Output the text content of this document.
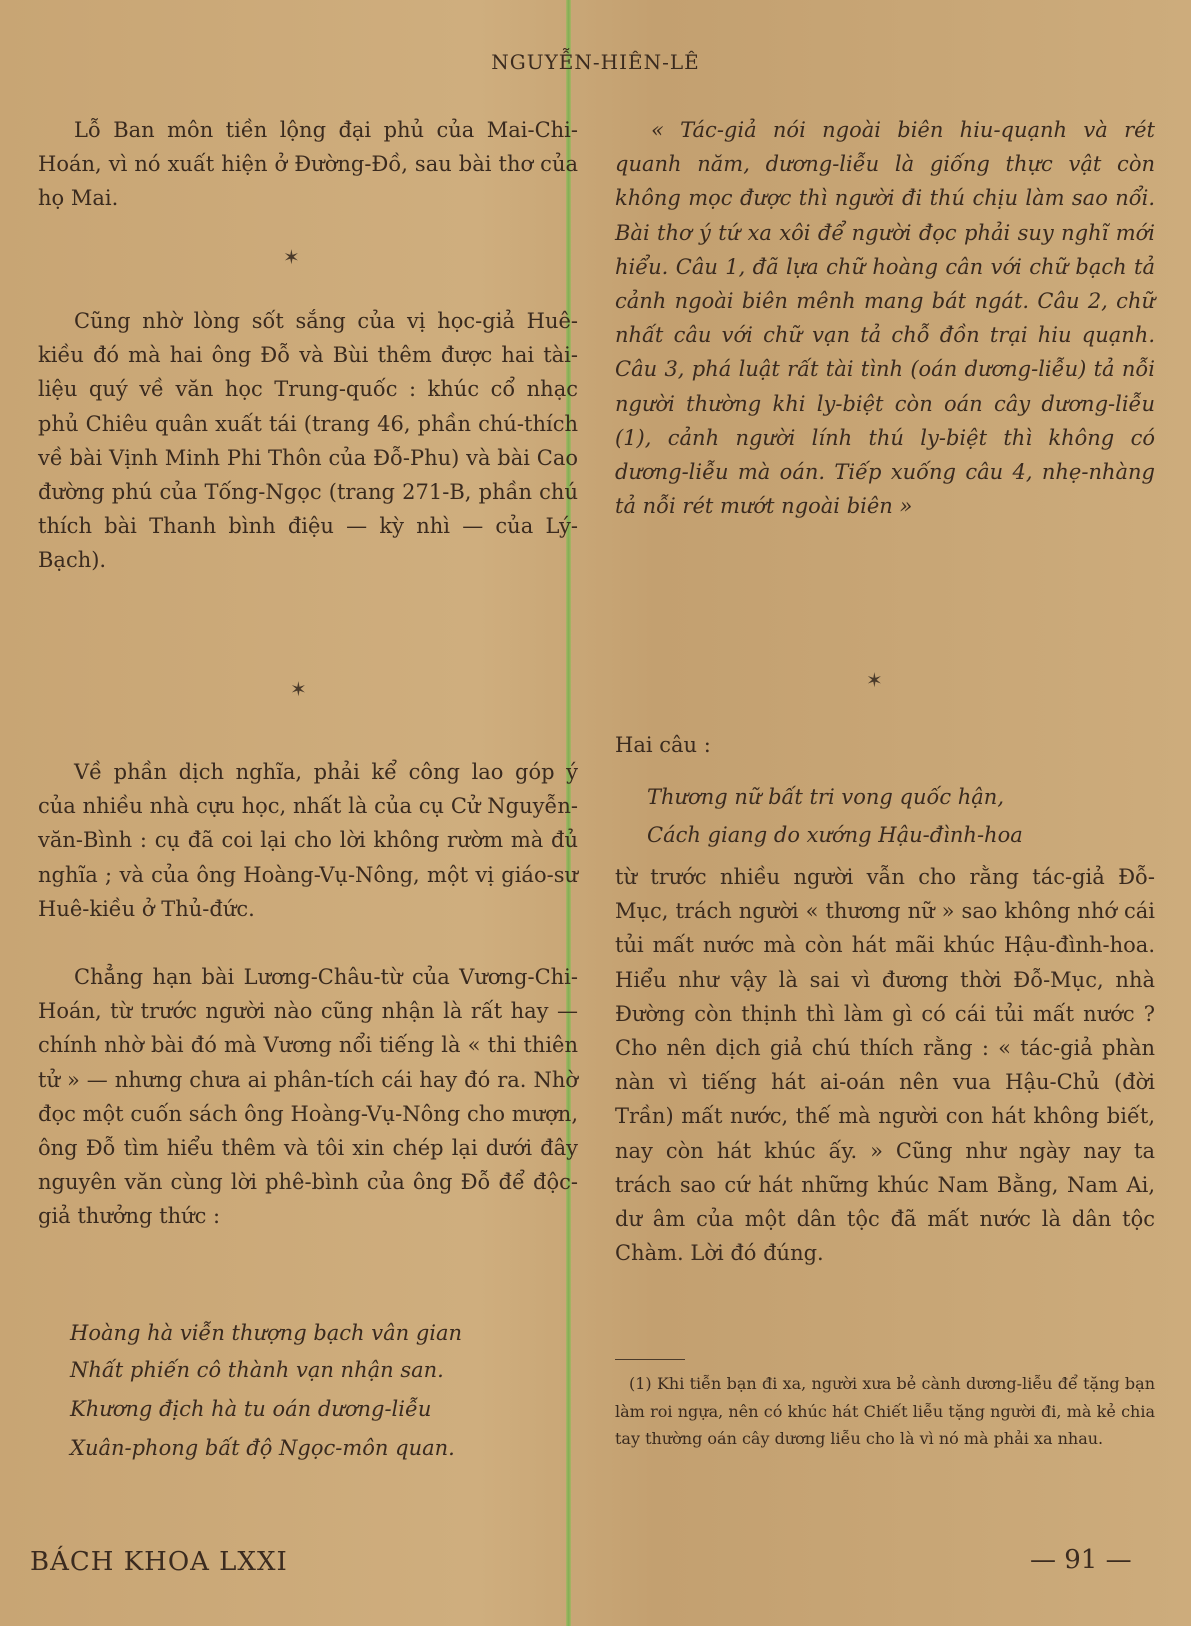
NGUYỄN-HIÊN-LÊ

Lỗ Ban môn tiền lộng đại phủ của Mai-Chi-Hoán, vì nó xuất hiện ở Đường-Đồ, sau bài thơ của họ Mai.

✶

Cũng nhờ lòng sốt sắng của vị học-giả Huê-kiều đó mà hai ông Đỗ và Bùi thêm được hai tài-liệu quý về văn học Trung-quốc : khúc cổ nhạc phủ Chiêu quân xuất tái (trang 46, phần chú-thích về bài Vịnh Minh Phi Thôn của Đỗ-Phu) và bài Cao đường phú của Tống-Ngọc (trang 271-B, phần chú thích bài Thanh bình điệu — kỳ nhì — của Lý-Bạch).

✶

Về phần dịch nghĩa, phải kể công lao góp ý của nhiều nhà cựu học, nhất là của cụ Cử Nguyễn-văn-Bình : cụ đã coi lại cho lời không rườm mà đủ nghĩa ; và của ông Hoàng-Vụ-Nông, một vị giáo-sư Huê-kiều ở Thủ-đức.

Chẳng hạn bài Lương-Châu-từ của Vương-Chi-Hoán, từ trước người nào cũng nhận là rất hay — chính nhờ bài đó mà Vương nổi tiếng là « thi thiên tử » — nhưng chưa ai phân-tích cái hay đó ra. Nhờ đọc một cuốn sách ông Hoàng-Vụ-Nông cho mượn, ông Đỗ tìm hiểu thêm và tôi xin chép lại dưới đây nguyên văn cùng lời phê-bình của ông Đỗ để độc-giả thưởng thức :

Hoàng hà viễn thượng bạch vân gian

Nhất phiến cô thành vạn nhận san.

Khương địch hà tu oán dương-liễu

Xuân-phong bất độ Ngọc-môn quan.

« Tác-giả nói ngoài biên hiu-quạnh và rét quanh năm, dương-liễu là giống thực vật còn không mọc được thì người đi thú chịu làm sao nổi. Bài thơ ý tứ xa xôi để người đọc phải suy nghĩ mới hiểu. Câu 1, đã lựa chữ hoàng cân với chữ bạch tả cảnh ngoài biên mênh mang bát ngát. Câu 2, chữ nhất câu với chữ vạn tả chỗ đồn trại hiu quạnh. Câu 3, phá luật rất tài tình (oán dương-liễu) tả nỗi người thường khi ly-biệt còn oán cây dương-liễu (1), cảnh người lính thú ly-biệt thì không có dương-liễu mà oán. Tiếp xuống câu 4, nhẹ-nhàng tả nỗi rét mướt ngoài biên »

✶

Hai câu :

Thương nữ bất tri vong quốc hận,

Cách giang do xướng Hậu-đình-hoa

từ trước nhiều người vẫn cho rằng tác-giả Đỗ-Mục, trách người « thương nữ » sao không nhớ cái tủi mất nước mà còn hát mãi khúc Hậu-đình-hoa. Hiểu như vậy là sai vì đương thời Đỗ-Mục, nhà Đường còn thịnh thì làm gì có cái tủi mất nước ? Cho nên dịch giả chú thích rằng : « tác-giả phàn nàn vì tiếng hát ai-oán nên vua Hậu-Chủ (đời Trần) mất nước, thế mà người con hát không biết, nay còn hát khúc ấy. » Cũng như ngày nay ta trách sao cứ hát những khúc Nam Bằng, Nam Ai, dư âm của một dân tộc đã mất nước là dân tộc Chàm. Lời đó đúng.

(1) Khi tiễn bạn đi xa, người xưa bẻ cành dương-liễu để tặng bạn làm roi ngựa, nên có khúc hát Chiết liễu tặng người đi, mà kẻ chia tay thường oán cây dương liễu cho là vì nó mà phải xa nhau.

BÁCH KHOA LXXI	— 91 —
